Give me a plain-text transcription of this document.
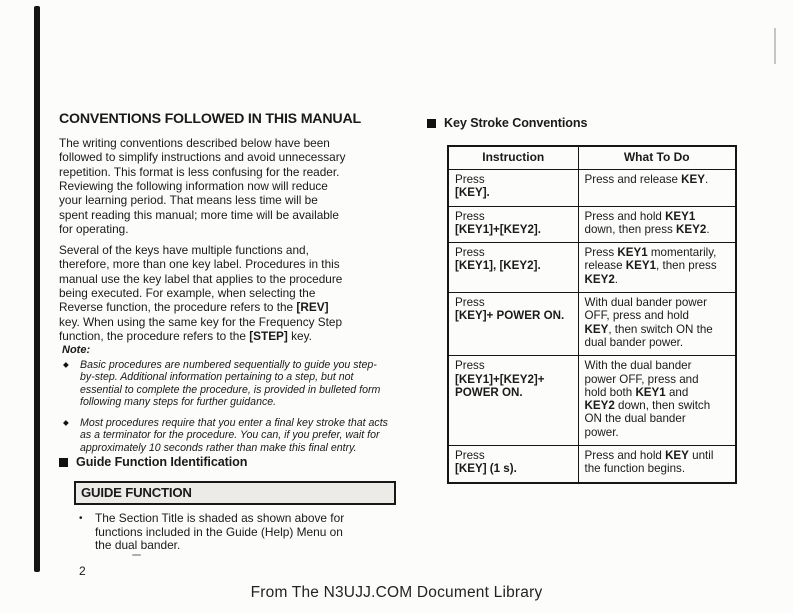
CONVENTIONS FOLLOWED IN THIS MANUAL

The writing conventions described below have been
followed to simplify instructions and avoid unnecessary
repetition. This format is less confusing for the reader.
Reviewing the following information now will reduce
your learning period. That means less time will be
spent reading this manual; more time will be available
for operating.

Several of the keys have multiple functions and,
therefore, more than one key label. Procedures in this
manual use the key label that applies to the procedure
being executed. For example, when selecting the
Reverse function, the procedure refers to the [REV]
key. When using the same key for the Frequency Step
function, the procedure refers to the [STEP] key.

Note:
◆	Basic procedures are numbered sequentially to guide you step-
by-step. Additional information pertaining to a step, but not
essential to complete the procedure, is provided in bulleted form
following many steps for further guidance.
◆	Most procedures require that you enter a final key stroke that acts
as a terminator for the procedure. You can, if you prefer, wait for
approximately 10 seconds rather than make this final entry.
Guide Function Identification
GUIDE FUNCTION
•	The Section Title is shaded as shown above for
functions included in the Guide (Help) Menu on
the dual bander.
2
From The N3UJJ.COM Document Library
Key Stroke Conventions
Instruction	What To Do
Press
[KEY].	Press and release KEY.
Press
[KEY1]+[KEY2].	Press and hold KEY1
down, then press KEY2.
Press
[KEY1], [KEY2].	Press KEY1 momentarily,
release KEY1, then press
KEY2.
Press
[KEY]+ POWER ON.	With dual bander power
OFF, press and hold
KEY, then switch ON the
dual bander power.
Press
[KEY1]+[KEY2]+
POWER ON.	With the dual bander
power OFF, press and
hold both KEY1 and
KEY2 down, then switch
ON the dual bander
power.
Press
[KEY] (1 s).	Press and hold KEY until
the function begins.
